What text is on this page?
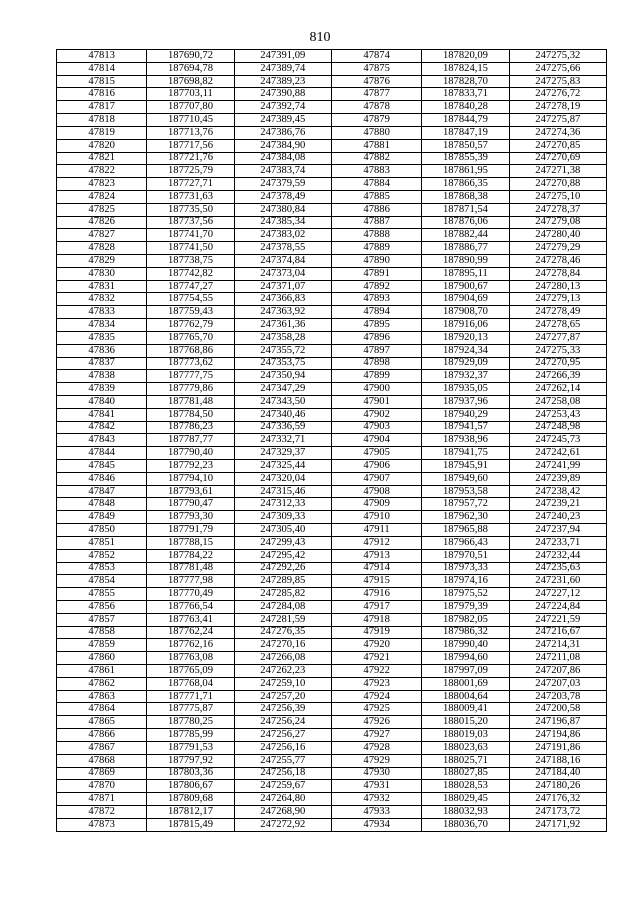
810
47813	187690,72	247391,09	47874	187820,09	247275,32
47814	187694,78	247389,74	47875	187824,15	247275,66
47815	187698,82	247389,23	47876	187828,70	247275,83
47816	187703,11	247390,88	47877	187833,71	247276,72
47817	187707,80	247392,74	47878	187840,28	247278,19
47818	187710,45	247389,45	47879	187844,79	247275,87
47819	187713,76	247386,76	47880	187847,19	247274,36
47820	187717,56	247384,90	47881	187850,57	247270,85
47821	187721,76	247384,08	47882	187855,39	247270,69
47822	187725,79	247383,74	47883	187861,95	247271,38
47823	187727,71	247379,59	47884	187866,35	247270,88
47824	187731,63	247378,49	47885	187868,38	247275,10
47825	187735,50	247380,84	47886	187871,54	247278,37
47826	187737,56	247385,34	47887	187876,06	247279,08
47827	187741,70	247383,02	47888	187882,44	247280,40
47828	187741,50	247378,55	47889	187886,77	247279,29
47829	187738,75	247374,84	47890	187890,99	247278,46
47830	187742,82	247373,04	47891	187895,11	247278,84
47831	187747,27	247371,07	47892	187900,67	247280,13
47832	187754,55	247366,83	47893	187904,69	247279,13
47833	187759,43	247363,92	47894	187908,70	247278,49
47834	187762,79	247361,36	47895	187916,06	247278,65
47835	187765,70	247358,28	47896	187920,13	247277,87
47836	187768,86	247355,72	47897	187924,34	247275,33
47837	187773,62	247353,75	47898	187929,09	247270,95
47838	187777,75	247350,94	47899	187932,37	247266,39
47839	187779,86	247347,29	47900	187935,05	247262,14
47840	187781,48	247343,50	47901	187937,96	247258,08
47841	187784,50	247340,46	47902	187940,29	247253,43
47842	187786,23	247336,59	47903	187941,57	247248,98
47843	187787,77	247332,71	47904	187938,96	247245,73
47844	187790,40	247329,37	47905	187941,75	247242,61
47845	187792,23	247325,44	47906	187945,91	247241,99
47846	187794,10	247320,04	47907	187949,60	247239,89
47847	187793,61	247315,46	47908	187953,58	247238,42
47848	187790,47	247312,33	47909	187957,72	247239,21
47849	187793,30	247309,33	47910	187962,30	247240,23
47850	187791,79	247305,40	47911	187965,88	247237,94
47851	187788,15	247299,43	47912	187966,43	247233,71
47852	187784,22	247295,42	47913	187970,51	247232,44
47853	187781,48	247292,26	47914	187973,33	247235,63
47854	187777,98	247289,85	47915	187974,16	247231,60
47855	187770,49	247285,82	47916	187975,52	247227,12
47856	187766,54	247284,08	47917	187979,39	247224,84
47857	187763,41	247281,59	47918	187982,05	247221,59
47858	187762,24	247276,35	47919	187986,32	247216,67
47859	187762,16	247270,16	47920	187990,40	247214,31
47860	187763,08	247266,08	47921	187994,60	247211,08
47861	187765,09	247262,23	47922	187997,09	247207,86
47862	187768,04	247259,10	47923	188001,69	247207,03
47863	187771,71	247257,20	47924	188004,64	247203,78
47864	187775,87	247256,39	47925	188009,41	247200,58
47865	187780,25	247256,24	47926	188015,20	247196,87
47866	187785,99	247256,27	47927	188019,03	247194,86
47867	187791,53	247256,16	47928	188023,63	247191,86
47868	187797,92	247255,77	47929	188025,71	247188,16
47869	187803,36	247256,18	47930	188027,85	247184,40
47870	187806,67	247259,67	47931	188028,53	247180,26
47871	187809,68	247264,80	47932	188029,45	247176,32
47872	187812,17	247268,90	47933	188032,93	247173,72
47873	187815,49	247272,92	47934	188036,70	247171,92
